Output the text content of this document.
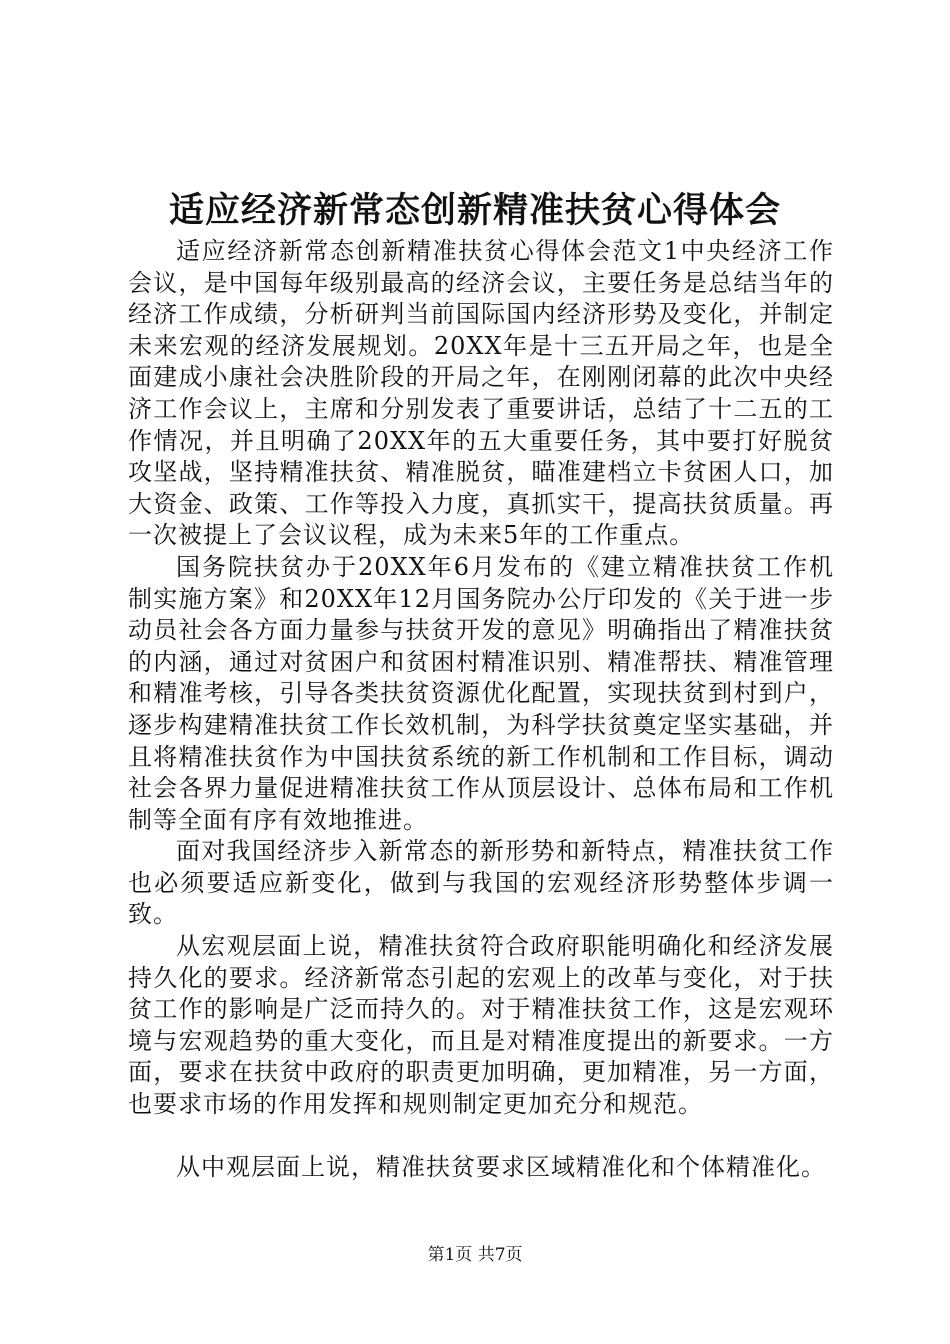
适应经济新常态创新精准扶贫心得体会

适应经济新常态创新精准扶贫心得体会范文1中央经济工作会议，是中国每年级别最高的经济会议，主要任务是总结当年的经济工作成绩，分析研判当前国际国内经济形势及变化，并制定未来宏观的经济发展规划。20XX年是十三五开局之年，也是全面建成小康社会决胜阶段的开局之年，在刚刚闭幕的此次中央经济工作会议上，主席和分别发表了重要讲话，总结了十二五的工作情况，并且明确了20XX年的五大重要任务，其中要打好脱贫攻坚战，坚持精准扶贫、精准脱贫，瞄准建档立卡贫困人口，加大资金、政策、工作等投入力度，真抓实干，提高扶贫质量。再一次被提上了会议议程，成为未来5年的工作重点。

国务院扶贫办于20XX年6月发布的《建立精准扶贫工作机制实施方案》和20XX年12月国务院办公厅印发的《关于进一步动员社会各方面力量参与扶贫开发的意见》明确指出了精准扶贫的内涵，通过对贫困户和贫困村精准识别、精准帮扶、精准管理和精准考核，引导各类扶贫资源优化配置，实现扶贫到村到户，逐步构建精准扶贫工作长效机制，为科学扶贫奠定坚实基础，并且将精准扶贫作为中国扶贫系统的新工作机制和工作目标，调动社会各界力量促进精准扶贫工作从顶层设计、总体布局和工作机制等全面有序有效地推进。

面对我国经济步入新常态的新形势和新特点，精准扶贫工作也必须要适应新变化，做到与我国的宏观经济形势整体步调一致。

从宏观层面上说，精准扶贫符合政府职能明确化和经济发展持久化的要求。经济新常态引起的宏观上的改革与变化，对于扶贫工作的影响是广泛而持久的。对于精准扶贫工作，这是宏观环境与宏观趋势的重大变化，而且是对精准度提出的新要求。一方面，要求在扶贫中政府的职责更加明确，更加精准，另一方面，也要求市场的作用发挥和规则制定更加充分和规范。

从中观层面上说，精准扶贫要求区域精准化和个体精准化。

第1页 共7页
